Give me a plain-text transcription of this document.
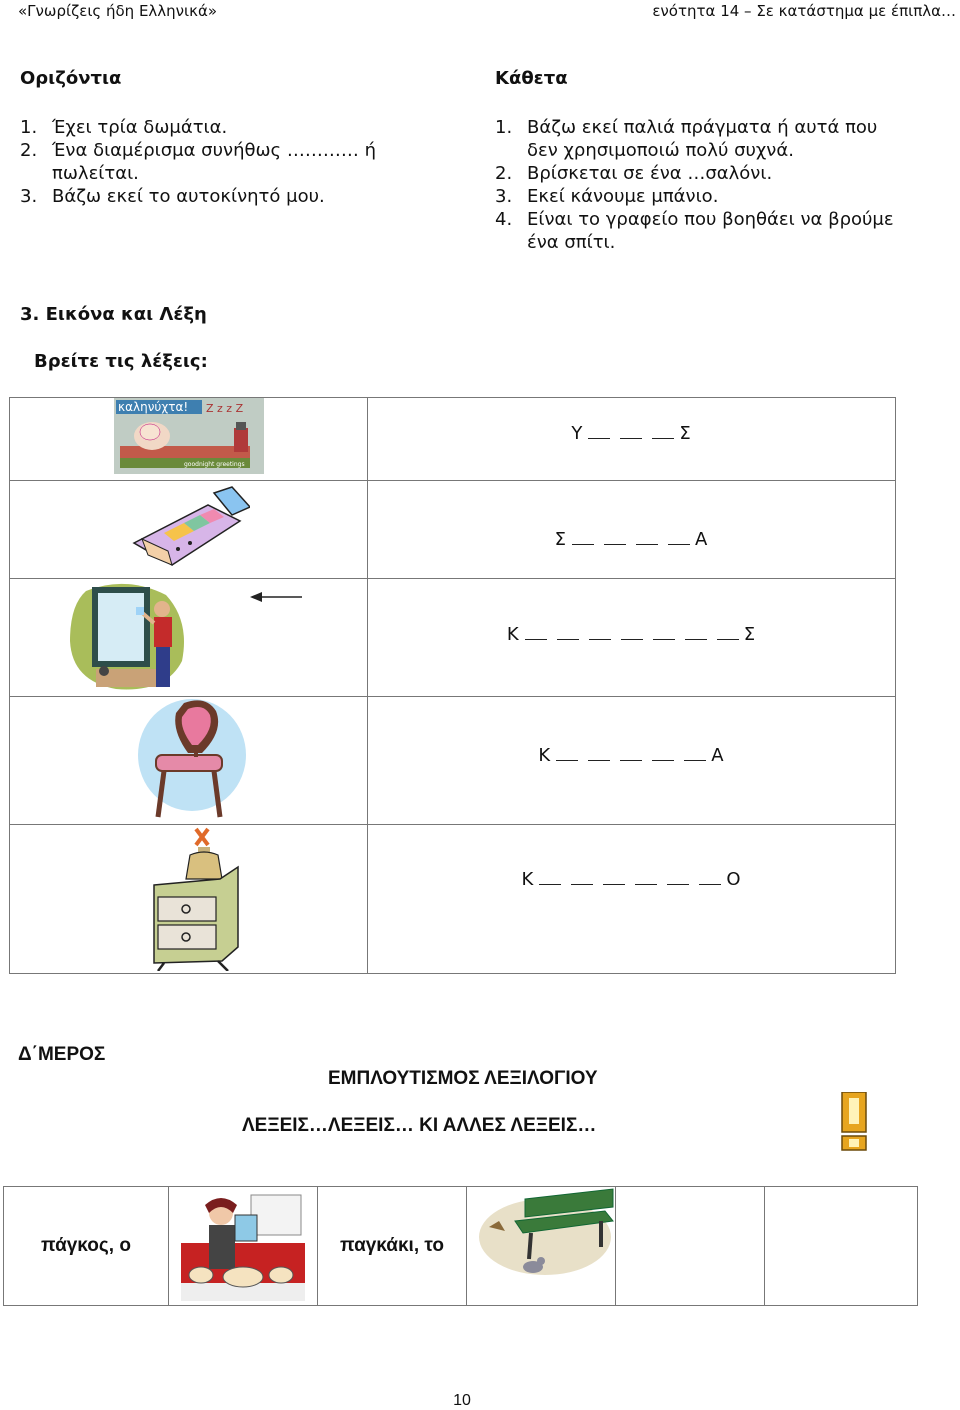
«Γνωρίζεις ήδη Ελληνικά»	ενότητα 14 – Σε κατάστημα με έπιπλα…
Οριζόντια
1. Έχει τρία δωμάτια.
2. Ένα διαμέρισμα συνήθως ………… ή
πωλείται.
3. Βάζω εκεί το αυτοκίνητό μου.
Κάθετα
1. Βάζω εκεί παλιά πράγματα ή αυτά που
δεν χρησιμοποιώ πολύ συχνά.
2. Βρίσκεται σε ένα …σαλόνι.
3. Εκεί κάνουμε μπάνιο.
4. Είναι το γραφείο που βοηθάει να βρούμε
ένα σπίτι.
3. Εικόνα και Λέξη
Βρείτε τις λέξεις:
καληνύχτα! Z z z Z
goodnight greetings	Υ Σ

Σ Α

Κ Σ

Κ Α

Κ Ο
Δ΄ΜΕΡΟΣ
ΕΜΠΛΟΥΤΙΣΜΟΣ ΛΕΞΙΛΟΓΙΟΥ
ΛΕΞΕΙΣ…ΛΕΞΕΙΣ… ΚΙ ΑΛΛΕΣ ΛΕΞΕΙΣ…
πάγκος, ο		παγκάκι, το	

10
